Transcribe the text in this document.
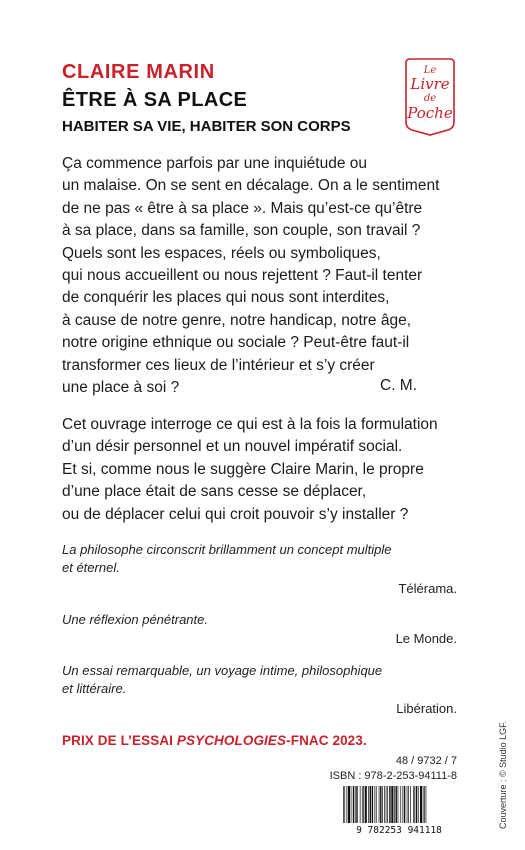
CLAIRE MARIN
ÊTRE À SA PLACE
HABITER SA VIE, HABITER SON CORPS
Le
Livre
de
Poche
Ça commence parfois par une inquiétude ou
un malaise. On se sent en décalage. On a le sentiment
de ne pas « être à sa place ». Mais qu’est-ce qu’être
à sa place, dans sa famille, son couple, son travail ?
Quels sont les espaces, réels ou symboliques,
qui nous accueillent ou nous rejettent ? Faut-il tenter
de conquérir les places qui nous sont interdites,
à cause de notre genre, notre handicap, notre âge,
notre origine ethnique ou sociale ? Peut-être faut-il
transformer ces lieux de l’intérieur et s’y créer
une place à soi ?	C. M.
Cet ouvrage interroge ce qui est à la fois la formulation
d’un désir personnel et un nouvel impératif social.
Et si, comme nous le suggère Claire Marin, le propre
d’une place était de sans cesse se déplacer,
ou de déplacer celui qui croit pouvoir s’y installer ?
La philosophe circonscrit brillamment un concept multiple
et éternel.
Télérama.
Une réflexion pénétrante.
Le Monde.
Un essai remarquable, un voyage intime, philosophique
et littéraire.
Libération.
PRIX DE L’ESSAI PSYCHOLOGIES-FNAC 2023.
48 / 9732 / 7
ISBN : 978-2-253-94111-8
9 782253 941118
Couverture : © Studio LGF.
